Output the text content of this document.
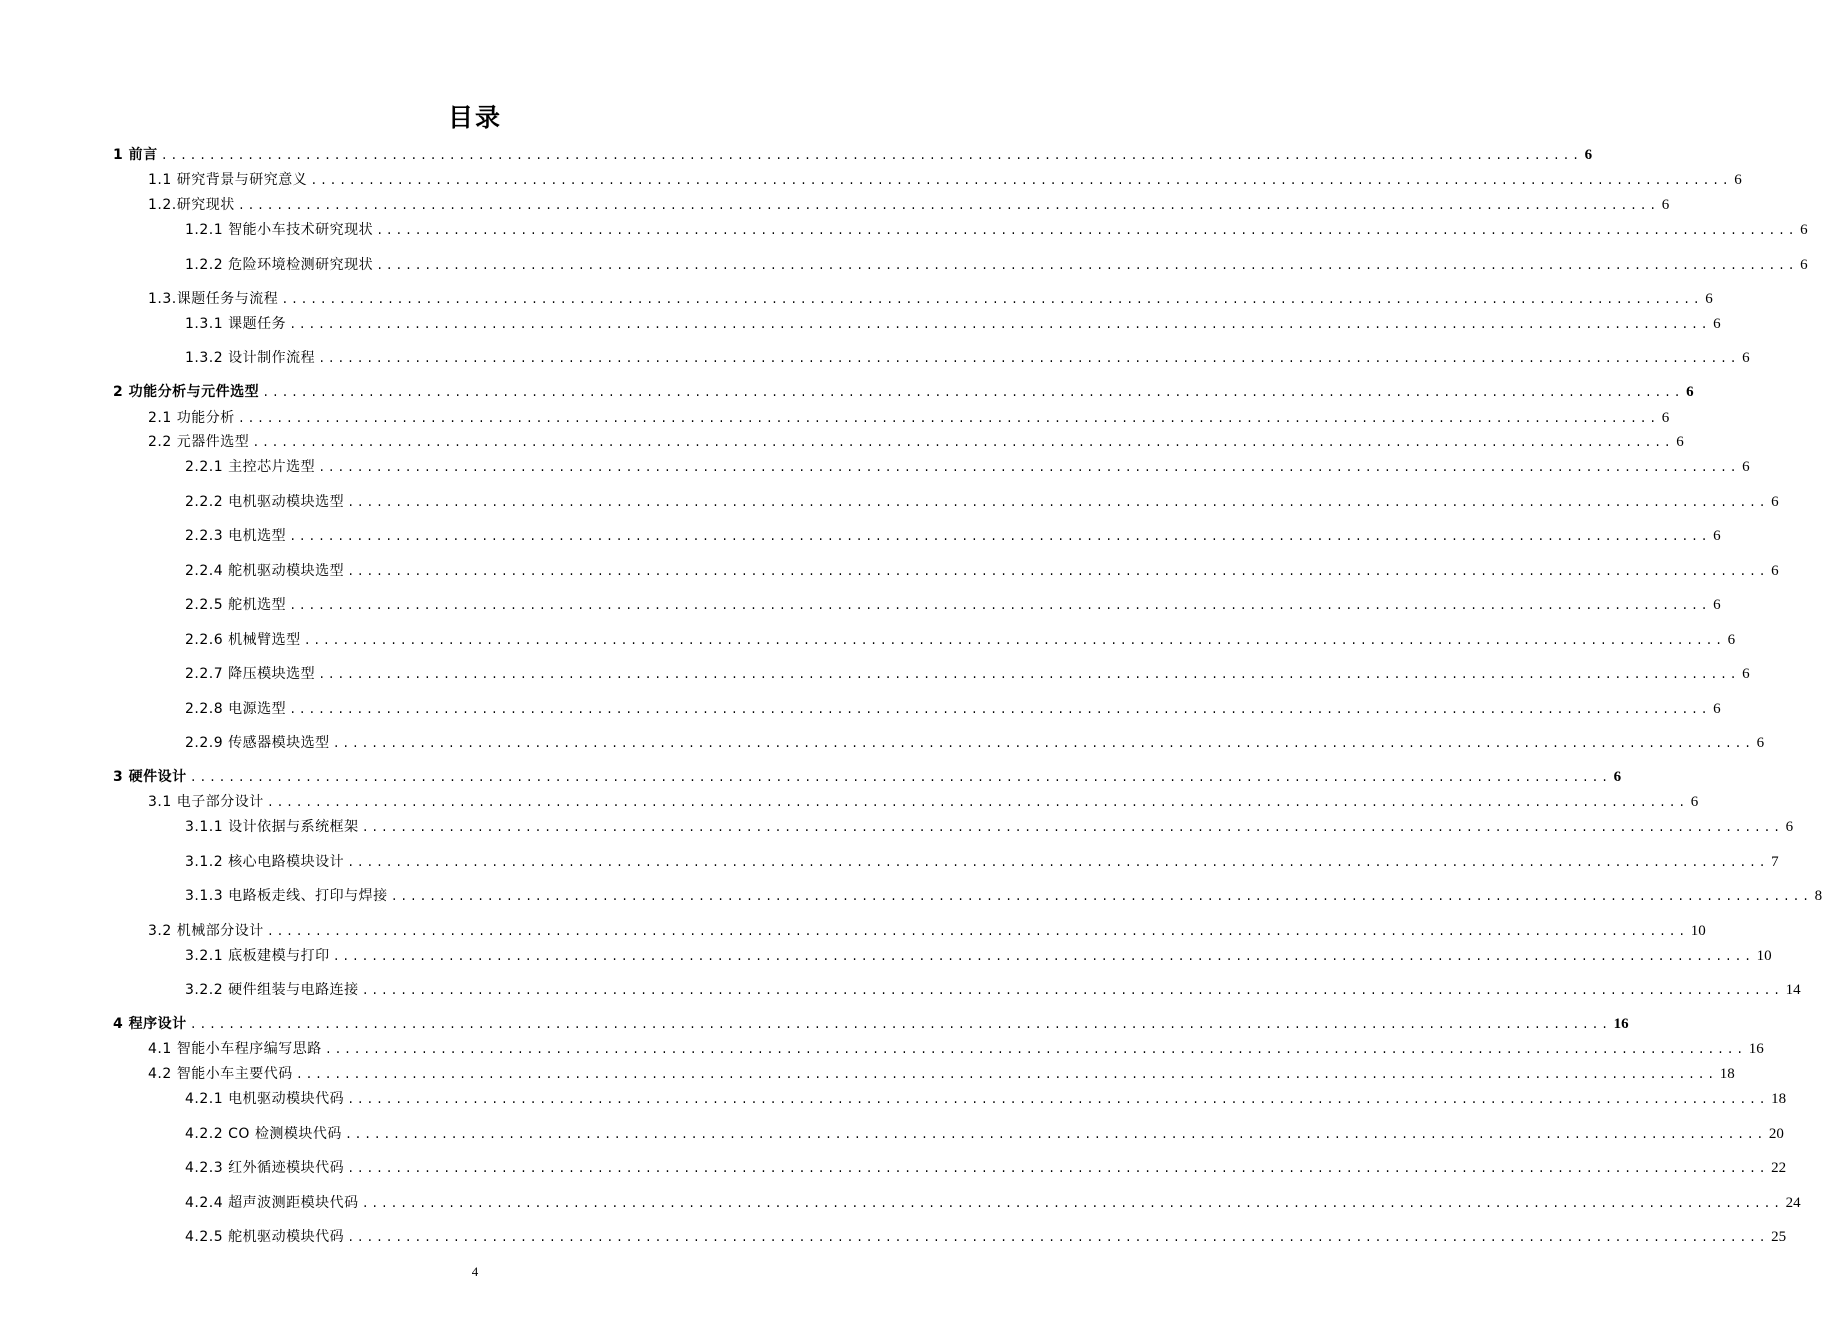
目录
1 前言 .................................................................................................................................................... 6
1.1 研究背景与研究意义 .................................................................................................................................................... 6
1.2.研究现状 .................................................................................................................................................... 6
1.2.1 智能小车技术研究现状 .................................................................................................................................................... 6
1.2.2 危险环境检测研究现状 .................................................................................................................................................... 6
1.3.课题任务与流程 .................................................................................................................................................... 6
1.3.1 课题任务 .................................................................................................................................................... 6
1.3.2 设计制作流程 .................................................................................................................................................... 6
2 功能分析与元件选型 .................................................................................................................................................... 6
2.1 功能分析 .................................................................................................................................................... 6
2.2 元器件选型 .................................................................................................................................................... 6
2.2.1 主控芯片选型 .................................................................................................................................................... 6
2.2.2 电机驱动模块选型 .................................................................................................................................................... 6
2.2.3 电机选型 .................................................................................................................................................... 6
2.2.4 舵机驱动模块选型 .................................................................................................................................................... 6
2.2.5 舵机选型 .................................................................................................................................................... 6
2.2.6 机械臂选型 .................................................................................................................................................... 6
2.2.7 降压模块选型 .................................................................................................................................................... 6
2.2.8 电源选型 .................................................................................................................................................... 6
2.2.9 传感器模块选型 .................................................................................................................................................... 6
3 硬件设计 .................................................................................................................................................... 6
3.1 电子部分设计 .................................................................................................................................................... 6
3.1.1 设计依据与系统框架 .................................................................................................................................................... 6
3.1.2 核心电路模块设计 .................................................................................................................................................... 7
3.1.3 电路板走线、打印与焊接 .................................................................................................................................................... 8
3.2 机械部分设计 .................................................................................................................................................... 10
3.2.1 底板建模与打印 .................................................................................................................................................... 10
3.2.2 硬件组装与电路连接 .................................................................................................................................................... 14
4 程序设计 .................................................................................................................................................... 16
4.1 智能小车程序编写思路 .................................................................................................................................................... 16
4.2 智能小车主要代码 .................................................................................................................................................... 18
4.2.1 电机驱动模块代码 .................................................................................................................................................... 18
4.2.2 CO 检测模块代码 .................................................................................................................................................... 20
4.2.3 红外循迹模块代码 .................................................................................................................................................... 22
4.2.4 超声波测距模块代码 .................................................................................................................................................... 24
4.2.5 舵机驱动模块代码 .................................................................................................................................................... 25
4
